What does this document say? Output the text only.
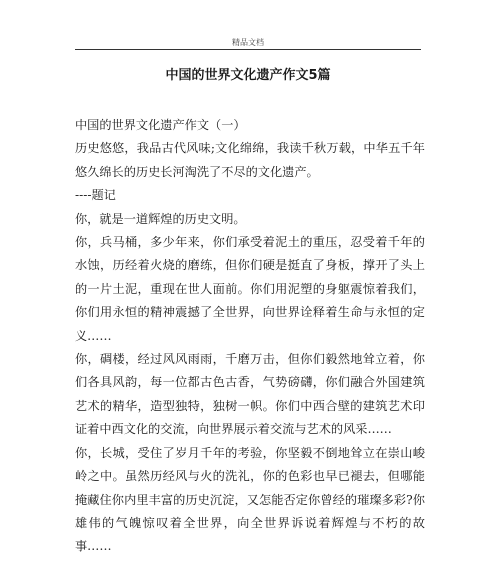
精品文档
中国的世界文化遗产作文5篇

中国的世界文化遗产作文（一）

历史悠悠，我品古代风味;文化绵绵，我读千秋万载，中华五千年悠久绵长的历史长河淘洗了不尽的文化遗产。

----题记

你，就是一道辉煌的历史文明。

你，兵马桶，多少年来，你们承受着泥土的重压，忍受着千年的水蚀，历经着火烧的磨练，但你们硬是挺直了身板，撑开了头上的一片土泥，重现在世人面前。你们用泥塑的身躯震惊着我们，你们用永恒的精神震撼了全世界，向世界诠释着生命与永恒的定义……

你，碉楼，经过风风雨雨，千磨万击，但你们毅然地耸立着，你们各具风韵，每一位都古色古香，气势磅礴，你们融合外国建筑艺术的精华，造型独特，独树一帜。你们中西合壁的建筑艺术印证着中西文化的交流，向世界展示着交流与艺术的风采……

你，长城，受住了岁月千年的考验，你坚毅不倒地耸立在崇山峻岭之中。虽然历经风与火的洗礼，你的色彩也早已褪去，但哪能掩藏住你内里丰富的历史沉淀，又怎能否定你曾经的璀璨多彩?你雄伟的气魄惊叹着全世界，向全世界诉说着辉煌与不朽的故事……
